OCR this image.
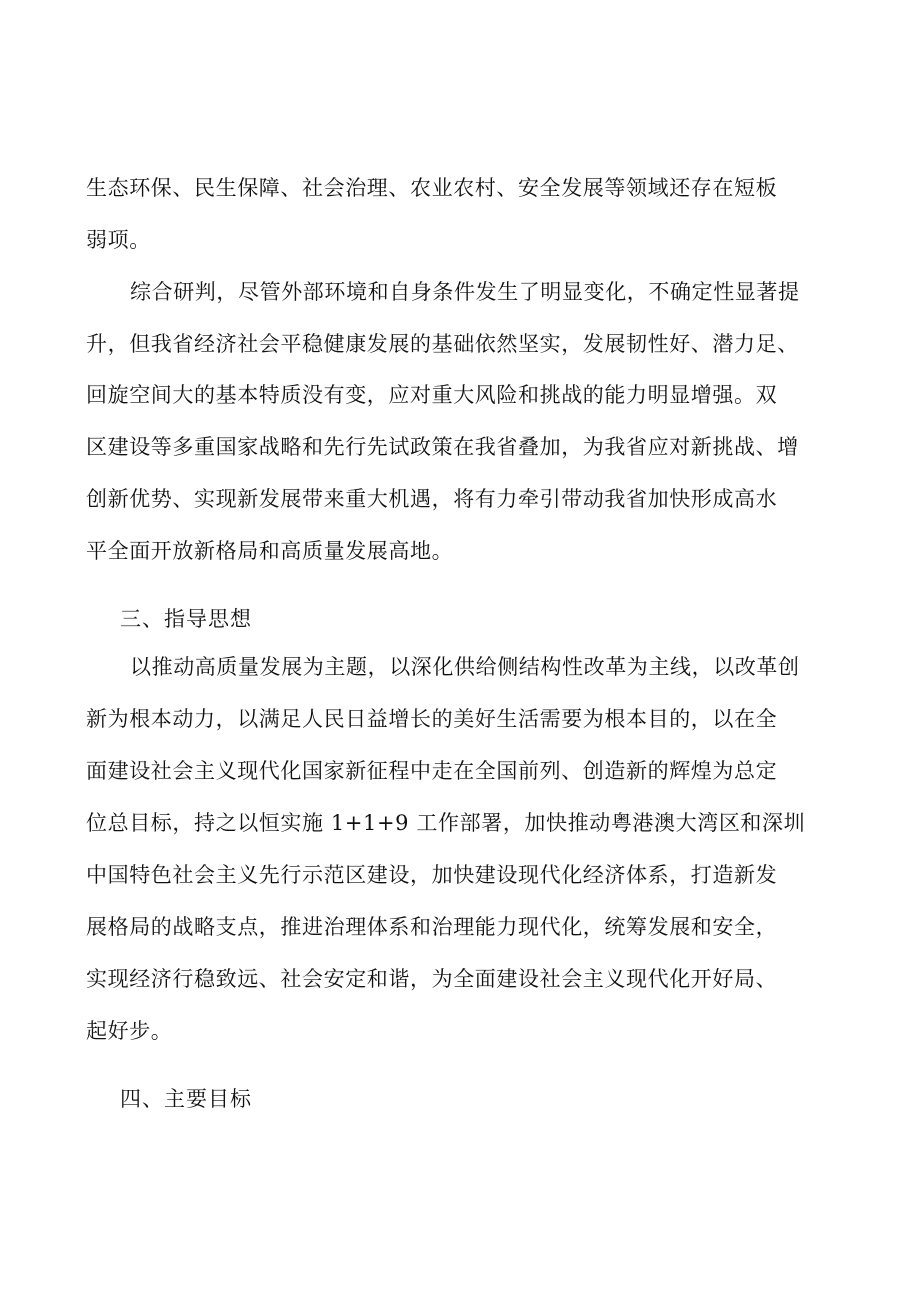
生态环保、民生保障、社会治理、农业农村、安全发展等领域还存在短板

弱项。

综合研判，尽管外部环境和自身条件发生了明显变化，不确定性显著提

升，但我省经济社会平稳健康发展的基础依然坚实，发展韧性好、潜力足、

回旋空间大的基本特质没有变，应对重大风险和挑战的能力明显增强。双

区建设等多重国家战略和先行先试政策在我省叠加，为我省应对新挑战、增

创新优势、实现新发展带来重大机遇，将有力牵引带动我省加快形成高水

平全面开放新格局和高质量发展高地。

三、指导思想

以推动高质量发展为主题，以深化供给侧结构性改革为主线，以改革创

新为根本动力，以满足人民日益增长的美好生活需要为根本目的，以在全

面建设社会主义现代化国家新征程中走在全国前列、创造新的辉煌为总定

位总目标，持之以恒实施 1+1+9 工作部署，加快推动粤港澳大湾区和深圳

中国特色社会主义先行示范区建设，加快建设现代化经济体系，打造新发

展格局的战略支点，推进治理体系和治理能力现代化，统筹发展和安全，

实现经济行稳致远、社会安定和谐，为全面建设社会主义现代化开好局、

起好步。

四、主要目标
